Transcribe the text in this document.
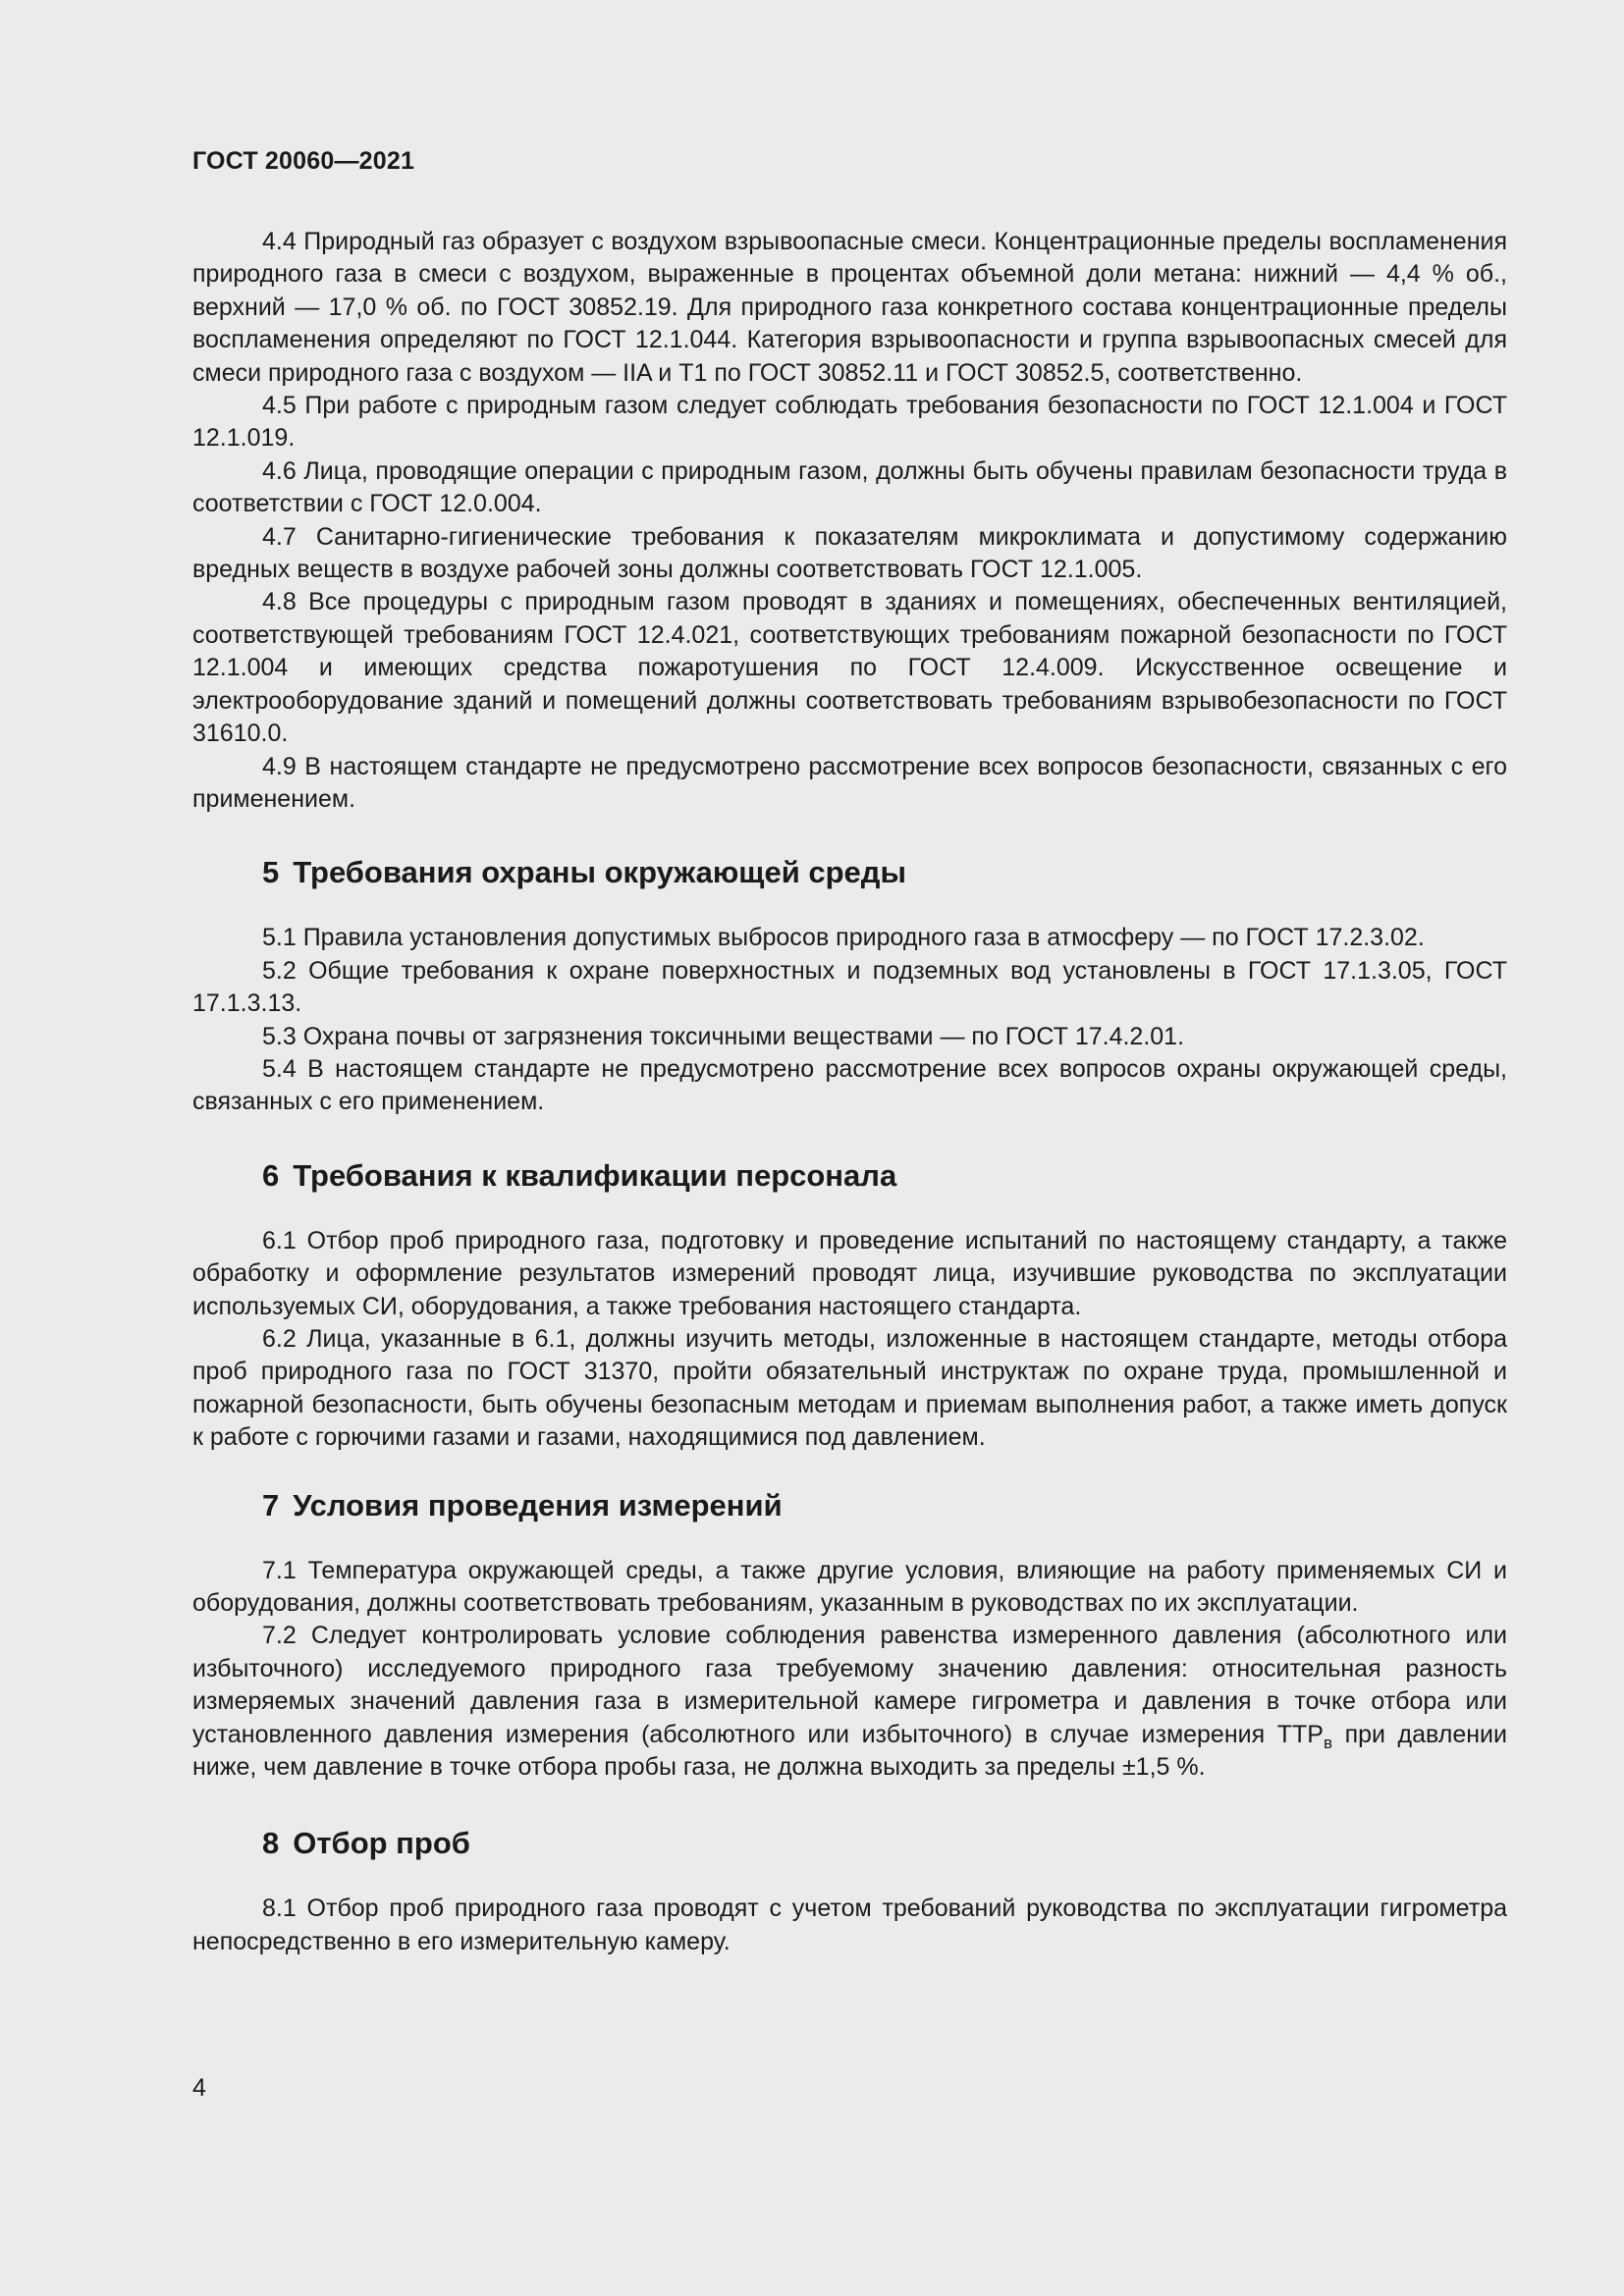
ГОСТ 20060—2021

4.4 Природный газ образует с воздухом взрывоопасные смеси. Концентрационные пределы воспламенения природного газа в смеси с воздухом, выраженные в процентах объемной доли метана: нижний — 4,4 % об., верхний — 17,0 % об. по ГОСТ 30852.19. Для природного газа конкретного состава концентрационные пределы воспламенения определяют по ГОСТ 12.1.044. Категория взрывоопасности и группа взрывоопасных смесей для смеси природного газа с воздухом — IIA и T1 по ГОСТ 30852.11 и ГОСТ 30852.5, соответственно.

4.5 При работе с природным газом следует соблюдать требования безопасности по ГОСТ 12.1.004 и ГОСТ 12.1.019.

4.6 Лица, проводящие операции с природным газом, должны быть обучены правилам безопасности труда в соответствии с ГОСТ 12.0.004.

4.7 Санитарно-гигиенические требования к показателям микроклимата и допустимому содержанию вредных веществ в воздухе рабочей зоны должны соответствовать ГОСТ 12.1.005.

4.8 Все процедуры с природным газом проводят в зданиях и помещениях, обеспеченных вентиляцией, соответствующей требованиям ГОСТ 12.4.021, соответствующих требованиям пожарной безопасности по ГОСТ 12.1.004 и имеющих средства пожаротушения по ГОСТ 12.4.009. Искусственное освещение и электрооборудование зданий и помещений должны соответствовать требованиям взрывобезопасности по ГОСТ 31610.0.

4.9 В настоящем стандарте не предусмотрено рассмотрение всех вопросов безопасности, связанных с его применением.

5 Требования охраны окружающей среды

5.1 Правила установления допустимых выбросов природного газа в атмосферу — по ГОСТ 17.2.3.02.

5.2 Общие требования к охране поверхностных и подземных вод установлены в ГОСТ 17.1.3.05, ГОСТ 17.1.3.13.

5.3 Охрана почвы от загрязнения токсичными веществами — по ГОСТ 17.4.2.01.

5.4 В настоящем стандарте не предусмотрено рассмотрение всех вопросов охраны окружающей среды, связанных с его применением.

6 Требования к квалификации персонала

6.1 Отбор проб природного газа, подготовку и проведение испытаний по настоящему стандарту, а также обработку и оформление результатов измерений проводят лица, изучившие руководства по эксплуатации используемых СИ, оборудования, а также требования настоящего стандарта.

6.2 Лица, указанные в 6.1, должны изучить методы, изложенные в настоящем стандарте, методы отбора проб природного газа по ГОСТ 31370, пройти обязательный инструктаж по охране труда, промышленной и пожарной безопасности, быть обучены безопасным методам и приемам выполнения работ, а также иметь допуск к работе с горючими газами и газами, находящимися под давлением.

7 Условия проведения измерений

7.1 Температура окружающей среды, а также другие условия, влияющие на работу применяемых СИ и оборудования, должны соответствовать требованиям, указанным в руководствах по их эксплуатации.

7.2 Следует контролировать условие соблюдения равенства измеренного давления (абсолютного или избыточного) исследуемого природного газа требуемому значению давления: относительная разность измеряемых значений давления газа в измерительной камере гигрометра и давления в точке отбора или установленного давления измерения (абсолютного или избыточного) в случае измерения $ТТР_в$ при давлении ниже, чем давление в точке отбора пробы газа, не должна выходить за пределы ±1,5 %.

8 Отбор проб

8.1 Отбор проб природного газа проводят с учетом требований руководства по эксплуатации гигрометра непосредственно в его измерительную камеру.

4
